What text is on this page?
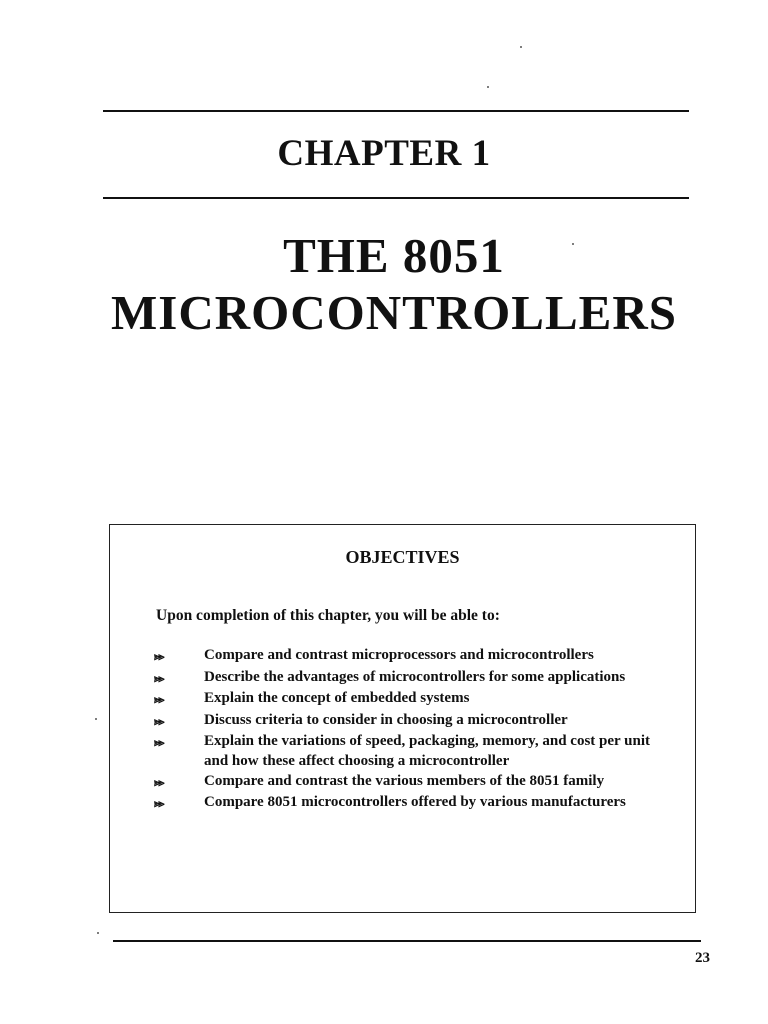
CHAPTER 1
THE 8051
MICROCONTROLLERS
OBJECTIVES
Upon completion of this chapter, you will be able to:
⪢⪢	Compare and contrast microprocessors and microcontrollers
⪢⪢	Describe the advantages of microcontrollers for some applications
⪢⪢	Explain the concept of embedded systems
⪢⪢	Discuss criteria to consider in choosing a microcontroller
⪢⪢	Explain the variations of speed, packaging, memory, and cost per unit and how these affect choosing a microcontroller
⪢⪢	Compare and contrast the various members of the 8051 family
⪢⪢	Compare 8051 microcontrollers offered by various manufacturers
23
